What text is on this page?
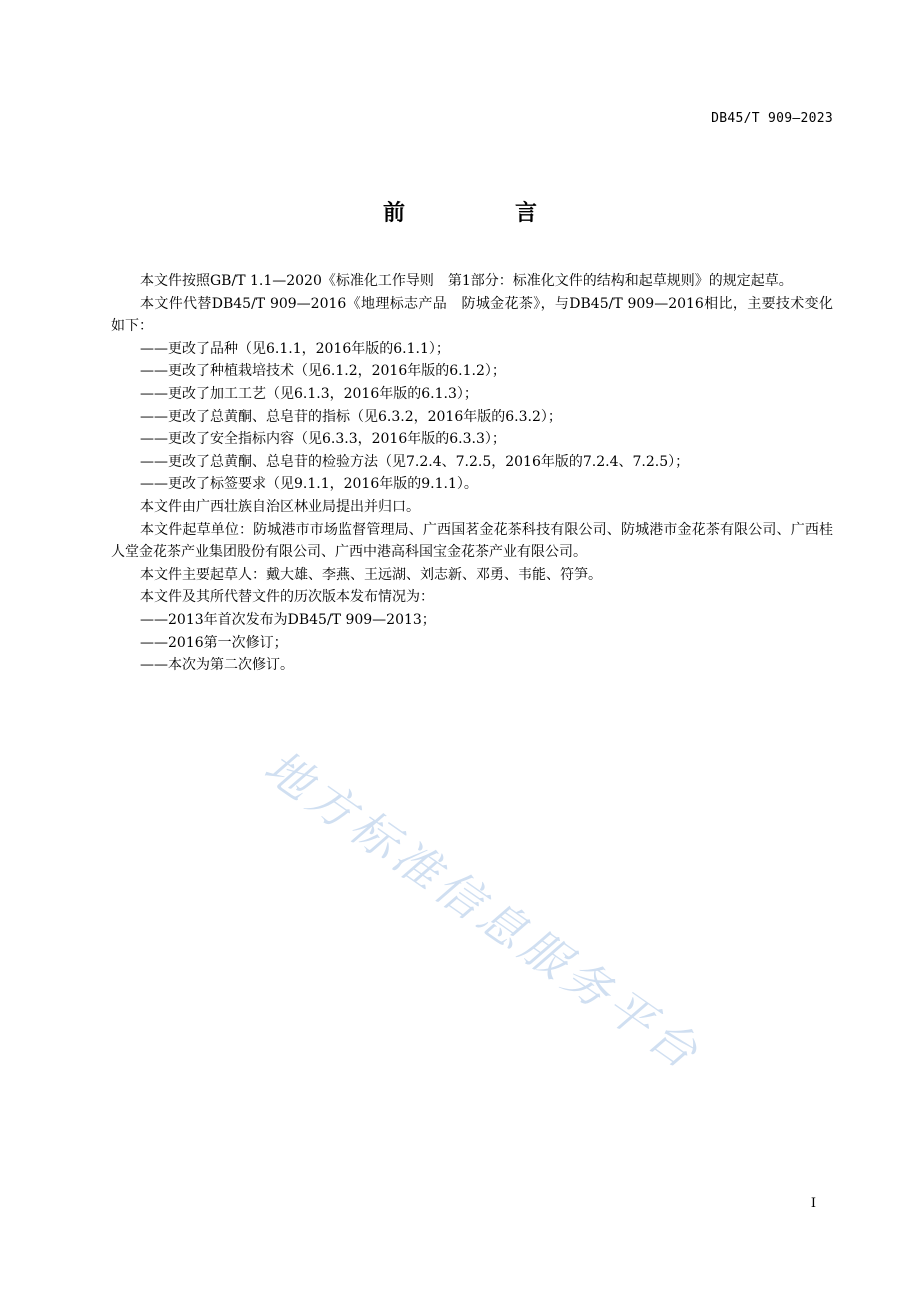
DB45/T 909—2023
前　言

本文件按照GB/T 1.1—2020《标准化工作导则　第1部分：标准化文件的结构和起草规则》的规定起草。

本文件代替DB45/T 909—2016《地理标志产品　防城金花茶》，与DB45/T 909—2016相比，主要技术变化如下：

——更改了品种（见6.1.1，2016年版的6.1.1）；

——更改了种植栽培技术（见6.1.2，2016年版的6.1.2）；

——更改了加工工艺（见6.1.3，2016年版的6.1.3）；

——更改了总黄酮、总皂苷的指标（见6.3.2，2016年版的6.3.2）；

——更改了安全指标内容（见6.3.3，2016年版的6.3.3）；

——更改了总黄酮、总皂苷的检验方法（见7.2.4、7.2.5，2016年版的7.2.4、7.2.5）；

——更改了标签要求（见9.1.1，2016年版的9.1.1）。

本文件由广西壮族自治区林业局提出并归口。

本文件起草单位：防城港市市场监督管理局、广西国茗金花茶科技有限公司、防城港市金花茶有限公司、广西桂人堂金花茶产业集团股份有限公司、广西中港高科国宝金花茶产业有限公司。

本文件主要起草人：戴大雄、李燕、王远湖、刘志新、邓勇、韦能、符笋。

本文件及其所代替文件的历次版本发布情况为：

——2013年首次发布为DB45/T 909—2013；

——2016第一次修订；

——本次为第二次修订。

地方标准信息服务平台
I
